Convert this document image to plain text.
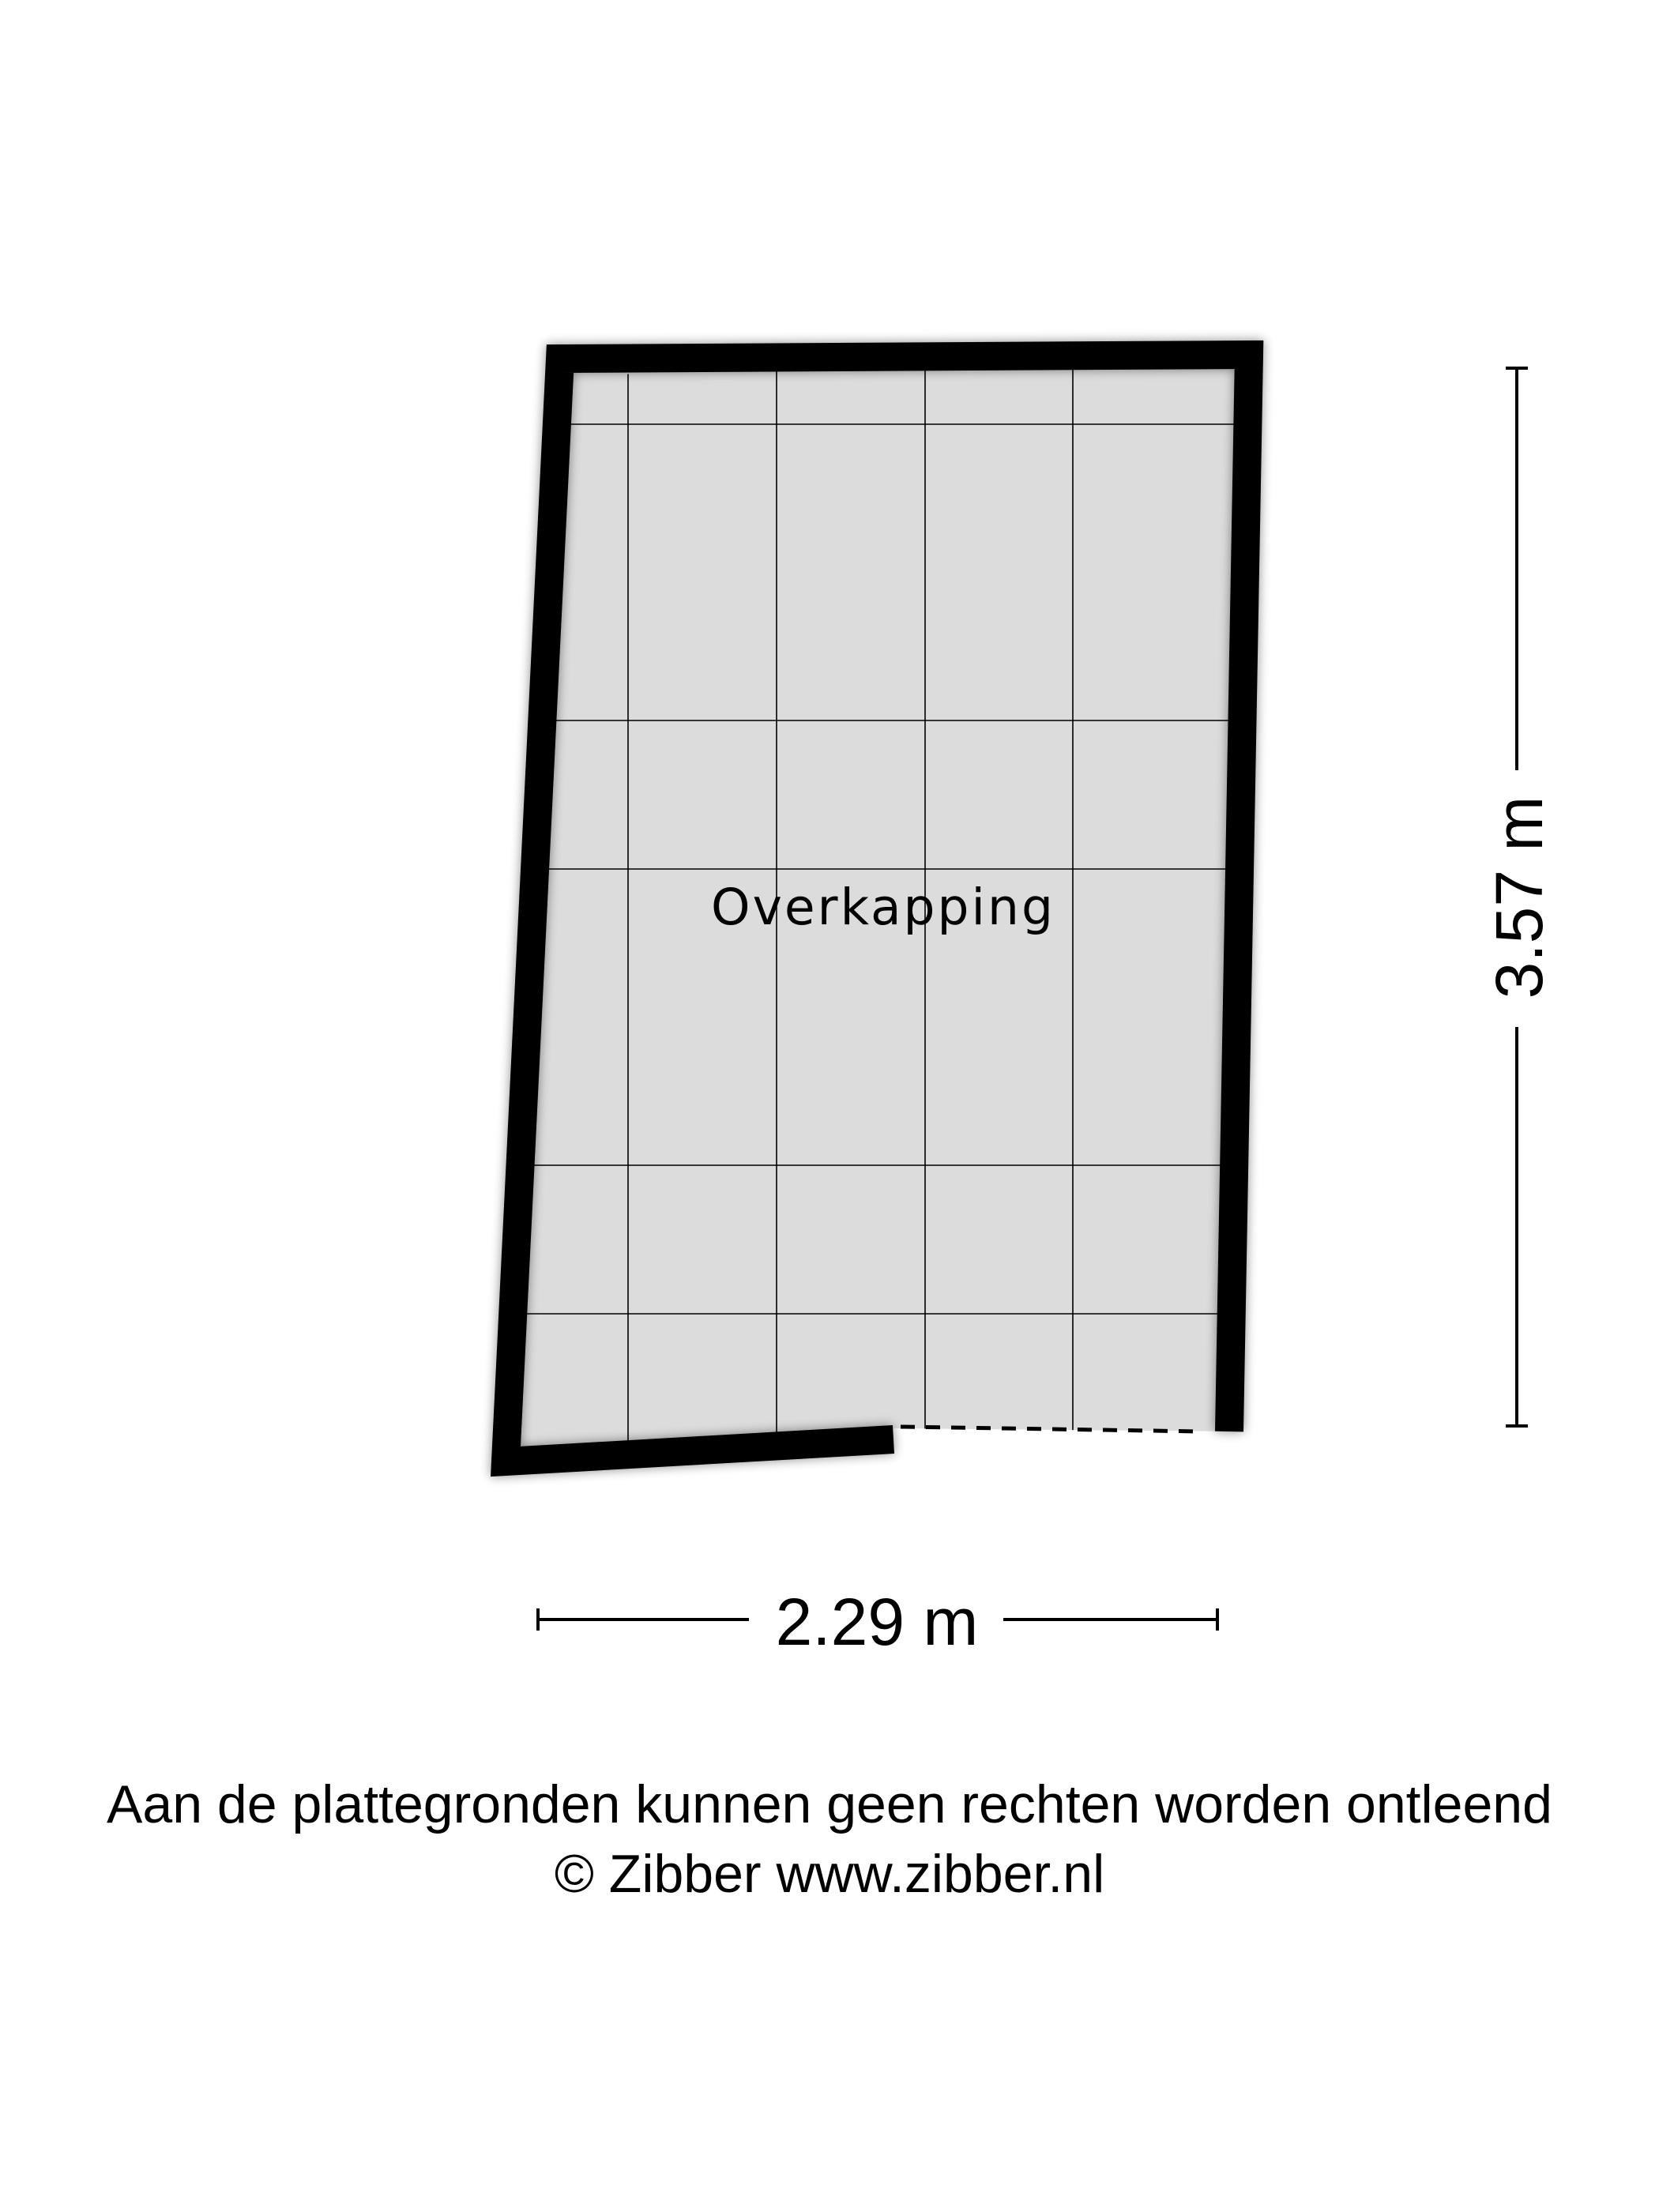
Overkapping
2.29 m
3.57 m
Aan de plattegronden kunnen geen rechten worden ontleend
© Zibber www.zibber.nl
